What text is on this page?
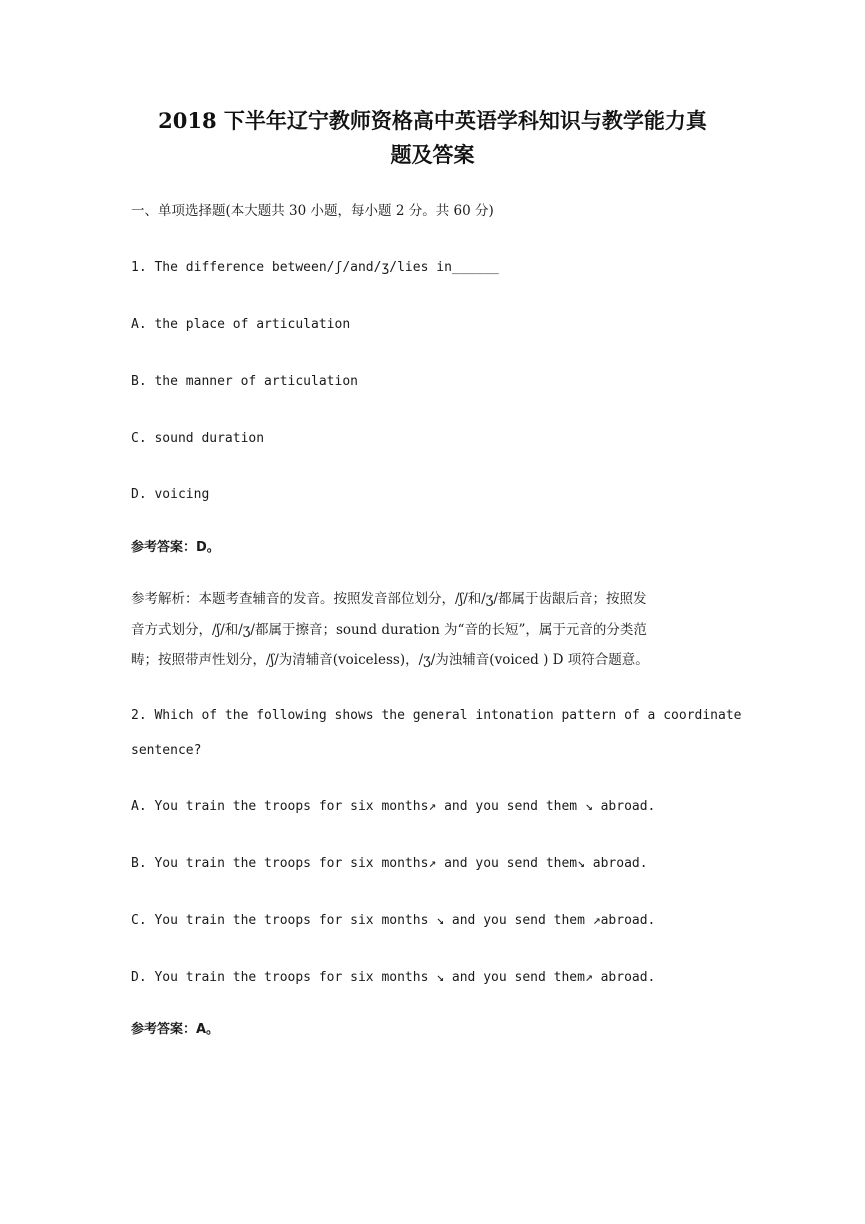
2018 下半年辽宁教师资格高中英语学科知识与教学能力真
题及答案
一、单项选择题(本大题共 30 小题，每小题 2 分。共 60 分)
1. The difference between/ʃ/and/ʒ/lies in______
A. the place of articulation
B. the manner of articulation
C. sound duration
D. voicing
参考答案：D。
参考解析：本题考查辅音的发音。按照发音部位划分，/ʃ/和/ʒ/都属于齿龈后音；按照发
音方式划分，/ʃ/和/ʒ/都属于擦音；sound duration 为“音的长短”，属于元音的分类范
畴；按照带声性划分，/ʃ/为清辅音(voiceless)，/ʒ/为浊辅音(voiced ) D 项符合题意。
2. Which of the following shows the general intonation pattern of a coordinate
sentence?
A. You train the troops for six months↗ and you send them ↘ abroad.
B. You train the troops for six months↗ and you send them↘ abroad.
C. You train the troops for six months ↘ and you send them ↗abroad.
D. You train the troops for six months ↘ and you send them↗ abroad.
参考答案：A。
